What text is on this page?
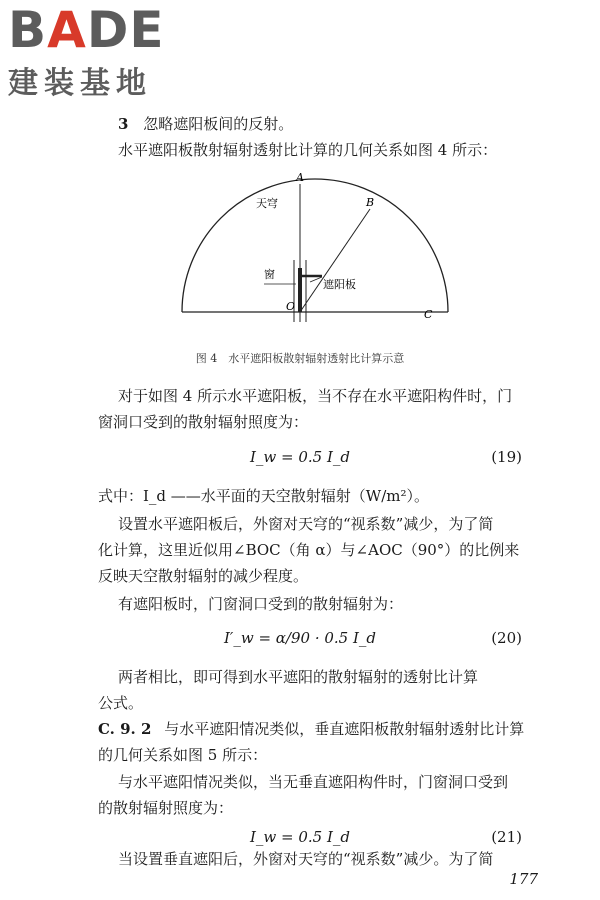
B A DE
建装基地

3 忽略遮阳板间的反射。

水平遮阳板散射辐射透射比计算的几何关系如图 4 所示：

A
B
C
O
天穹
窗
遮阳板
图 4　水平遮阳板散射辐射透射比计算示意

对于如图 4 所示水平遮阳板，当不存在水平遮阳构件时，门

窗洞口受到的散射辐射照度为：

I_w = 0.5 I_d	(19)

式中：I_d ——水平面的天空散射辐射（W/m²）。

设置水平遮阳板后，外窗对天穹的“视系数”减少，为了简

化计算，这里近似用∠BOC（角 α）与∠AOC（90°）的比例来

反映天空散射辐射的减少程度。

有遮阳板时，门窗洞口受到的散射辐射为：

I′_w = α/90 · 0.5 I_d	(20)

两者相比，即可得到水平遮阳的散射辐射的透射比计算

公式。

C. 9. 2 与水平遮阳情况类似，垂直遮阳板散射辐射透射比计算

的几何关系如图 5 所示：

与水平遮阳情况类似，当无垂直遮阳构件时，门窗洞口受到

的散射辐射照度为：

I_w = 0.5 I_d	(21)

当设置垂直遮阳后，外窗对天穹的“视系数”减少。为了简

177
